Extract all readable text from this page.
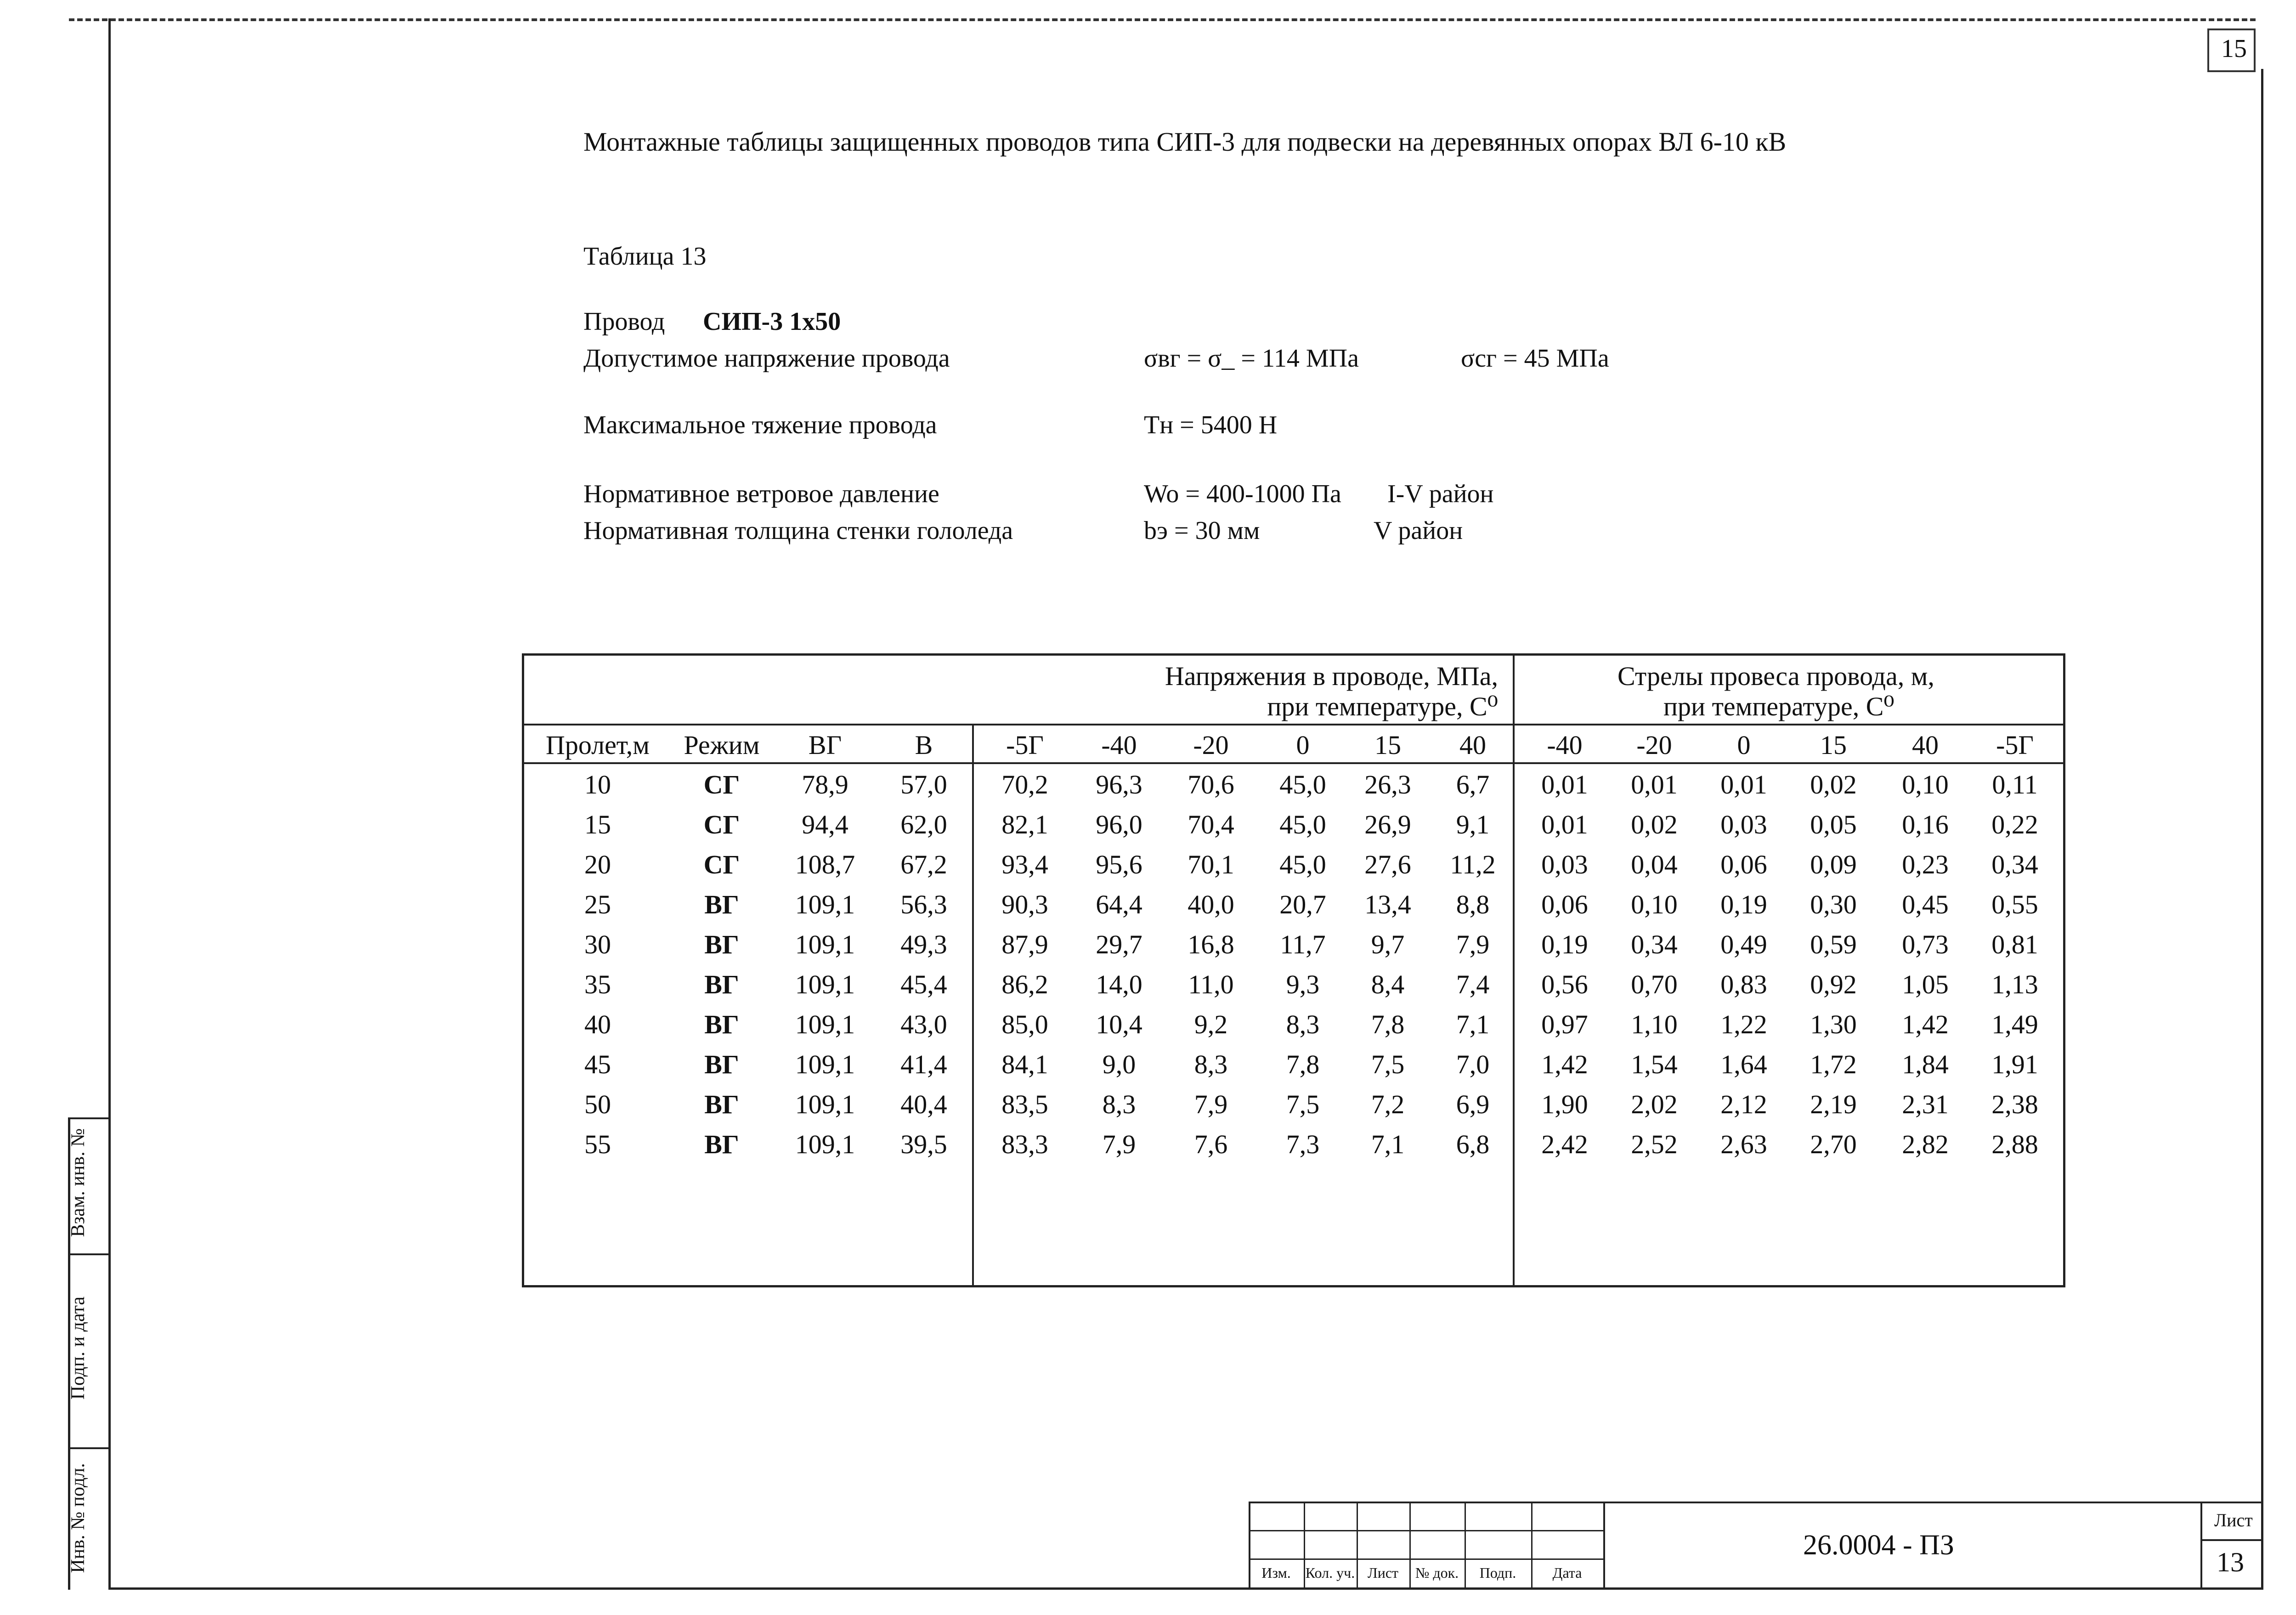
15
Монтажные таблицы защищенных проводов типа СИП-3 для подвески на деревянных опорах ВЛ 6-10 кВ
Таблица 13
Провод СИП-3 1х50
Допустимое напряжение провода	σвг = σ_ = 114 МПа	σсг = 45 МПа
Максимальное тяжение провода	Тн = 5400 Н
Нормативное ветровое давление	Wo = 400-1000 Па I-V район
Нормативная толщина стенки гололеда	bэ = 30 мм	V район
Напряжения в проводе, МПа,
при температуре, С⁰
Стрелы провеса провода, м,
при температуре, С⁰
Пролет,м	Режим	ВГ	В	-5Г	-40	-20	0	15	40	-40	-20	0	15	40	-5Г
10	СГ	78,9	57,0	70,2	96,3	70,6	45,0	26,3	6,7	0,01	0,01	0,01	0,02	0,10	0,11
15	СГ	94,4	62,0	82,1	96,0	70,4	45,0	26,9	9,1	0,01	0,02	0,03	0,05	0,16	0,22
20	СГ	108,7	67,2	93,4	95,6	70,1	45,0	27,6	11,2	0,03	0,04	0,06	0,09	0,23	0,34
25	ВГ	109,1	56,3	90,3	64,4	40,0	20,7	13,4	8,8	0,06	0,10	0,19	0,30	0,45	0,55
30	ВГ	109,1	49,3	87,9	29,7	16,8	11,7	9,7	7,9	0,19	0,34	0,49	0,59	0,73	0,81
35	ВГ	109,1	45,4	86,2	14,0	11,0	9,3	8,4	7,4	0,56	0,70	0,83	0,92	1,05	1,13
40	ВГ	109,1	43,0	85,0	10,4	9,2	8,3	7,8	7,1	0,97	1,10	1,22	1,30	1,42	1,49
45	ВГ	109,1	41,4	84,1	9,0	8,3	7,8	7,5	7,0	1,42	1,54	1,64	1,72	1,84	1,91
50	ВГ	109,1	40,4	83,5	8,3	7,9	7,5	7,2	6,9	1,90	2,02	2,12	2,19	2,31	2,38
55	ВГ	109,1	39,5	83,3	7,9	7,6	7,3	7,1	6,8	2,42	2,52	2,63	2,70	2,82	2,88
Взам. инв. №
Подп. и дата
Инв. № подл.	Изм.	Кол. уч. Лист	№ док.	Подп.	Дата
26.0004 - ПЗ
Лист
13
